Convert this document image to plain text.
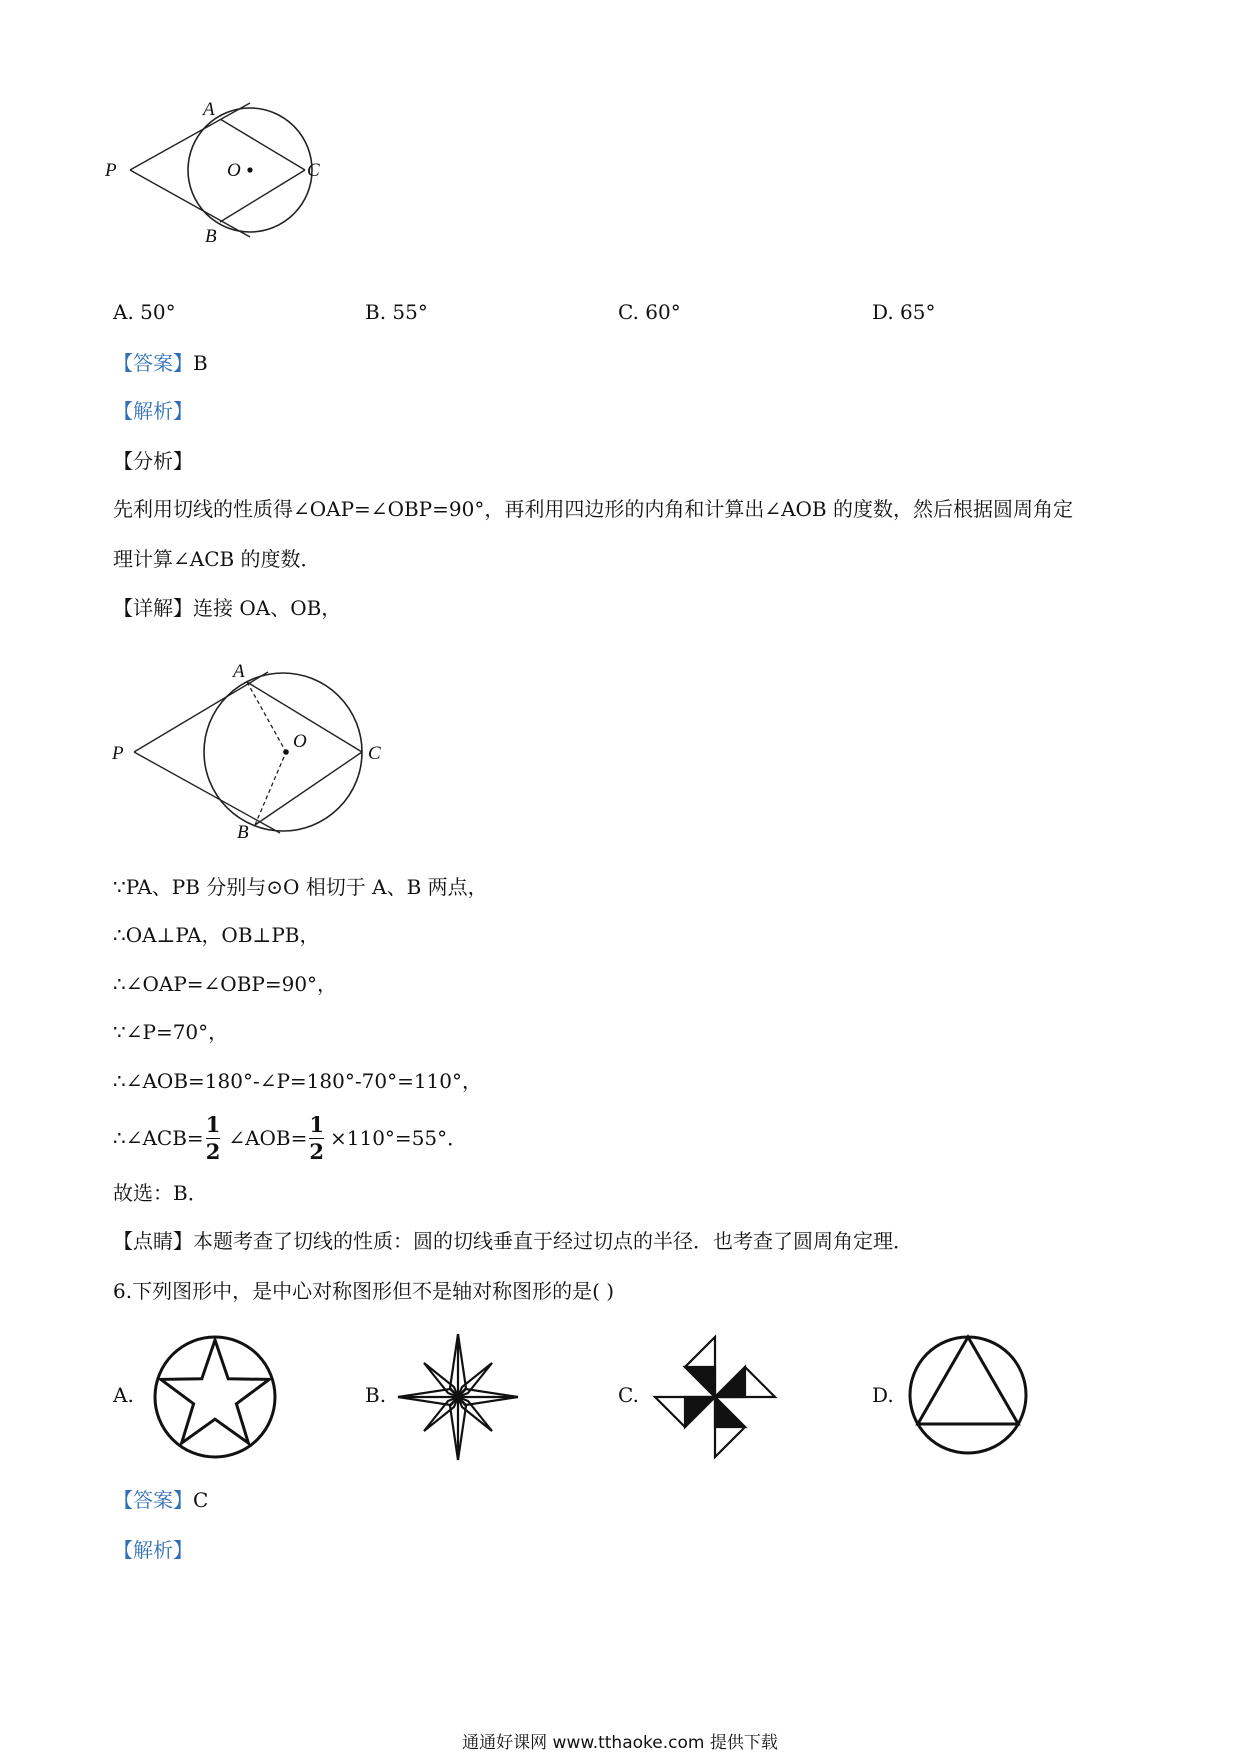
A
P	O	C
B
A. 50°	B. 55°	C. 60°	D. 65°
【答案】B
【解析】
【分析】
先利用切线的性质得∠OAP=∠OBP=90°，再利用四边形的内角和计算出∠AOB 的度数，然后根据圆周角定
理计算∠ACB 的度数．
【详解】连接 OA、OB，
A
P
O
C
B
∵PA、PB 分别与⊙O 相切于 A、B 两点，
∴OA⊥PA，OB⊥PB，
∴∠OAP=∠OBP=90°，
∵∠P=70°，
∴∠AOB=180°-∠P=180°-70°=110°，
∴∠ACB= $\frac{1}{2}$ ∠AOB= $\frac{1}{2} \times 110^\circ=55^\circ$．
故选：B．
【点睛】本题考查了切线的性质：圆的切线垂直于经过切点的半径．也考查了圆周角定理．
6.下列图形中，是中心对称图形但不是轴对称图形的是( )
A.	B.	C.	D.
【答案】C
【解析】
通通好课网 www.tthaoke.com 提供下载
